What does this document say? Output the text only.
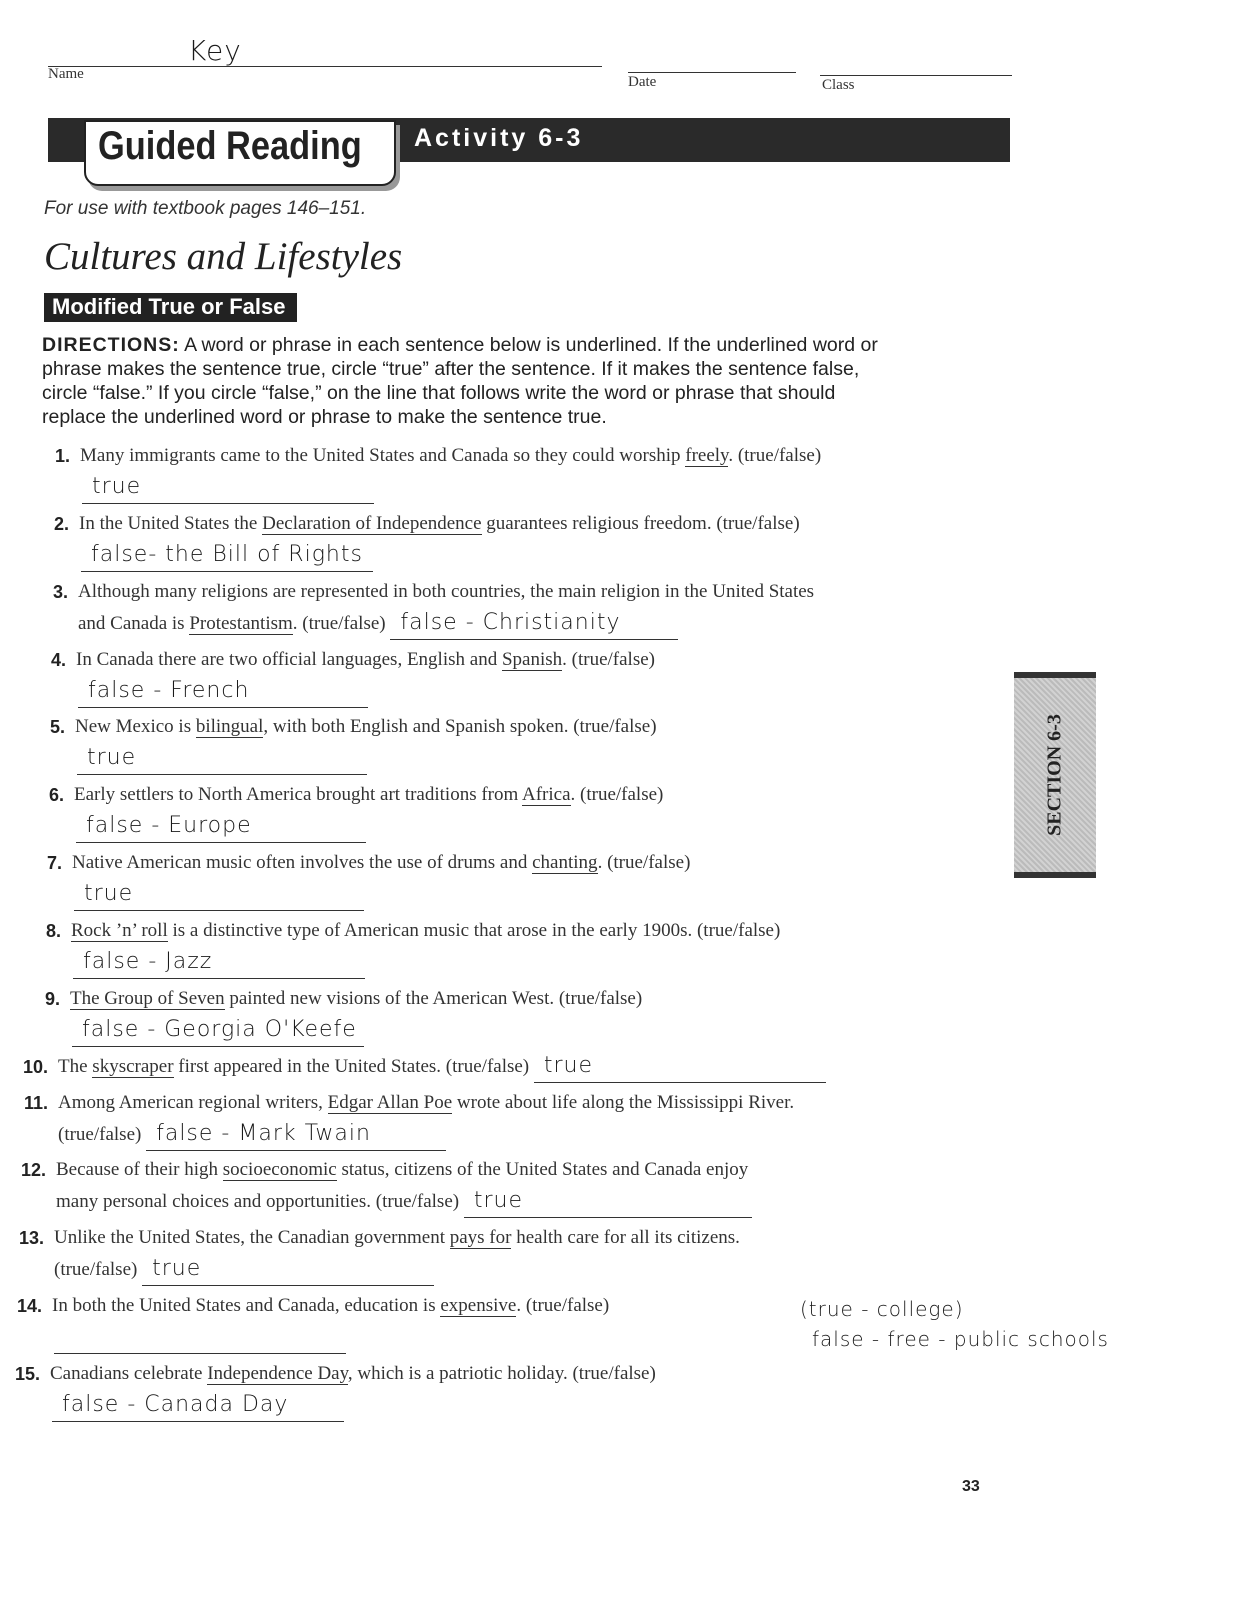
Name
Key
Date	Class
Guided Reading Activity 6-3
For use with textbook pages 146–151.
Cultures and Lifestyles
Modified True or False
DIRECTIONS: A word or phrase in each sentence below is underlined. If the underlined word or phrase makes the sentence true, circle “true” after the sentence. If it makes the sentence false, circle “false.” If you circle “false,” on the line that follows write the word or phrase that should replace the underlined word or phrase to make the sentence true.
1. Many immigrants came to the United States and Canada so they could worship freely. (true/false)
true
2. In the United States the Declaration of Independence guarantees religious freedom. (true/false)
false- the Bill of Rights
3. Although many religions are represented in both countries, the main religion in the United States
and Canada is Protestantism. (true/false) false - Christianity
4. In Canada there are two official languages, English and Spanish. (true/false)
false - French
5. New Mexico is bilingual, with both English and Spanish spoken. (true/false)
true
6. Early settlers to North America brought art traditions from Africa. (true/false)
false - Europe
7. Native American music often involves the use of drums and chanting. (true/false)
true
8. Rock ’n’ roll is a distinctive type of American music that arose in the early 1900s. (true/false)
false - Jazz
9. The Group of Seven painted new visions of the American West. (true/false)
false - Georgia O'Keefe
10. The skyscraper first appeared in the United States. (true/false) true
11. Among American regional writers, Edgar Allan Poe wrote about life along the Mississippi River.
(true/false) false - Mark Twain
12. Because of their high socioeconomic status, citizens of the United States and Canada enjoy
many personal choices and opportunities. (true/false) true
13. Unlike the United States, the Canadian government pays for health care for all its citizens.
(true/false) true
14. In both the United States and Canada, education is expensive. (true/false)
15. Canadians celebrate Independence Day, which is a patriotic holiday. (true/false)
false - Canada Day
(true - college)
false - free - public schools
SECTION 6-3
33
